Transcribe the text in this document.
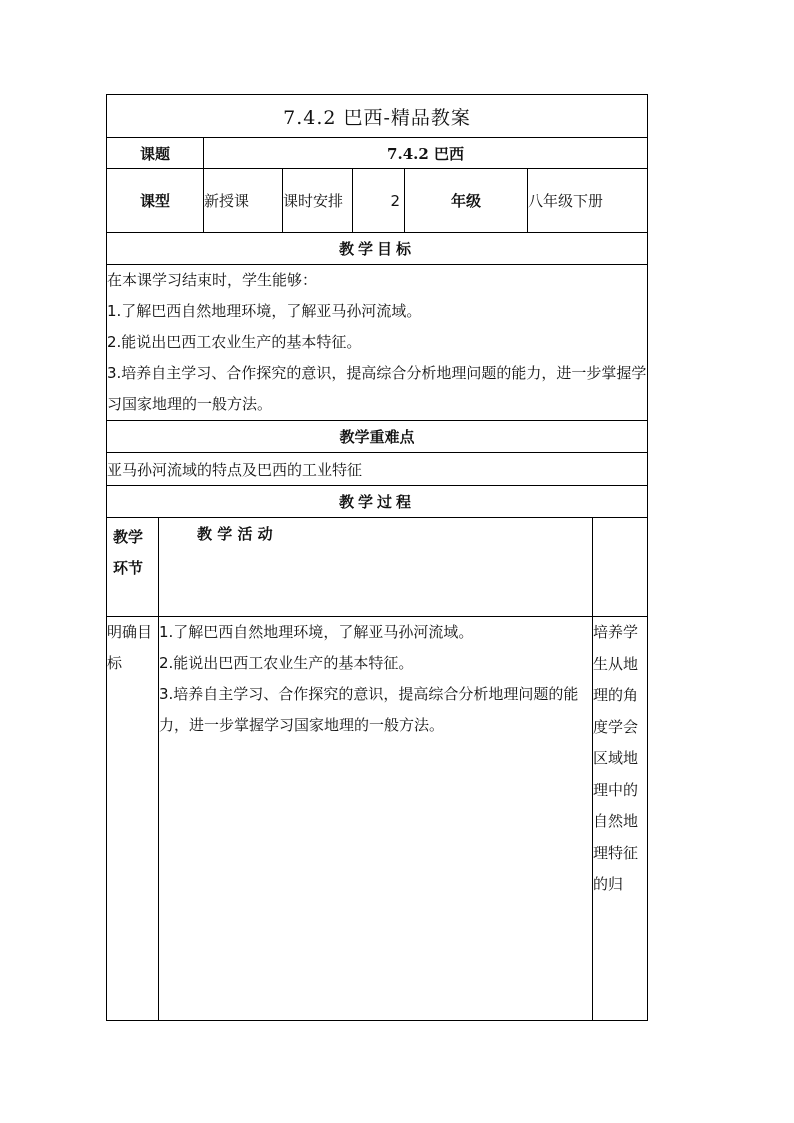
7.4.2 巴西-精品教案							
课题		7.4.2 巴西					
课型		新授课	课时安排	2	年级	八年级下册	
教学目标							

在本课学习结束时，学生能够：

1.了解巴西自然地理环境，了解亚马孙河流域。

2.能说出巴西工农业生产的基本特征。

3.培养自主学习、合作探究的意识，提高综合分析地理问题的能力，进一步掌握学习国家地理的一般方法。							

教学重难点							
亚马孙河流域的特点及巴西的工业特征							
教学过程							
教学环节	教 学 活 动						
明确目标	1.了解巴西自然地理环境，了解亚马孙河流域。

2.能说出巴西工农业生产的基本特征。

3.培养自主学习、合作探究的意识，提高综合分析地理问题的能力，进一步掌握学习国家地理的一般方法。						培养学生从地理的角度学会区域地理中的自然地理特征的归
